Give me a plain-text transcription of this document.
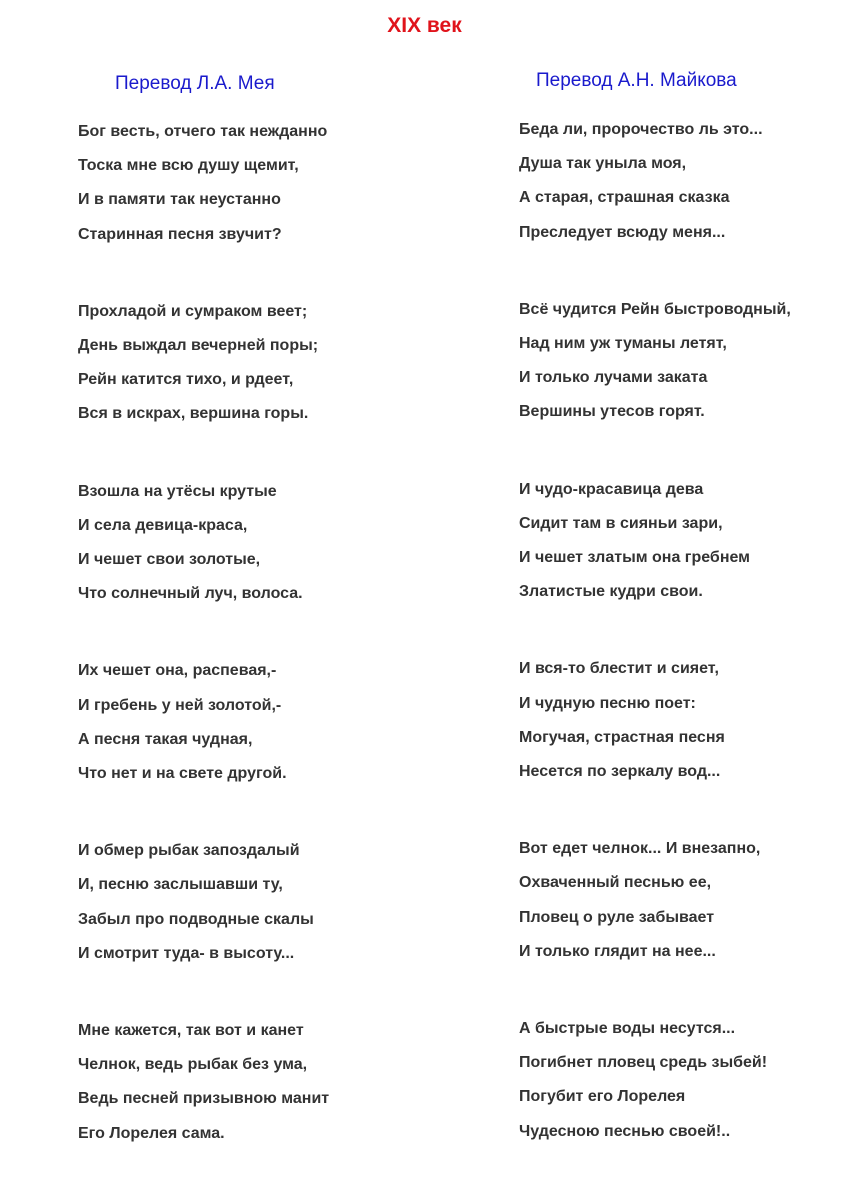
XIX век
Перевод Л.А. Мея
Бог весть, отчего так нежданно
Тоска мне всю душу щемит,
И в памяти так неустанно
Старинная песня звучит?
Прохладой и сумраком веет;
День выждал вечерней поры;
Рейн катится тихо, и рдеет,
Вся в искрах, вершина горы.
Взошла на утёсы крутые
И села девица-краса,
И чешет свои золотые,
Что солнечный луч, волоса.
Их чешет она, распевая,-
И гребень у ней золотой,-
А песня такая чудная,
Что нет и на свете другой.
И обмер рыбак запоздалый
И, песню заслышавши ту,
Забыл про подводные скалы
И смотрит туда- в высоту...
Мне кажется, так вот и канет
Челнок, ведь рыбак без ума,
Ведь песней призывною манит
Его Лорелея сама.
Перевод А.Н. Майкова
Беда ли, пророчество ль это...
Душа так уныла моя,
А старая, страшная сказка
Преследует всюду меня...
Всё чудится Рейн быстроводный,
Над ним уж туманы летят,
И только лучами заката
Вершины утесов горят.
И чудо-красавица дева
Сидит там в сияньи зари,
И чешет златым она гребнем
Златистые кудри свои.
И вся-то блестит и сияет,
И чудную песню поет:
Могучая, страстная песня
Несется по зеркалу вод...
Вот едет челнок... И внезапно,
Охваченный песнью ее,
Пловец о руле забывает
И только глядит на нее...
А быстрые воды несутся...
Погибнет пловец средь зыбей!
Погубит его Лорелея
Чудесною песнью своей!..
